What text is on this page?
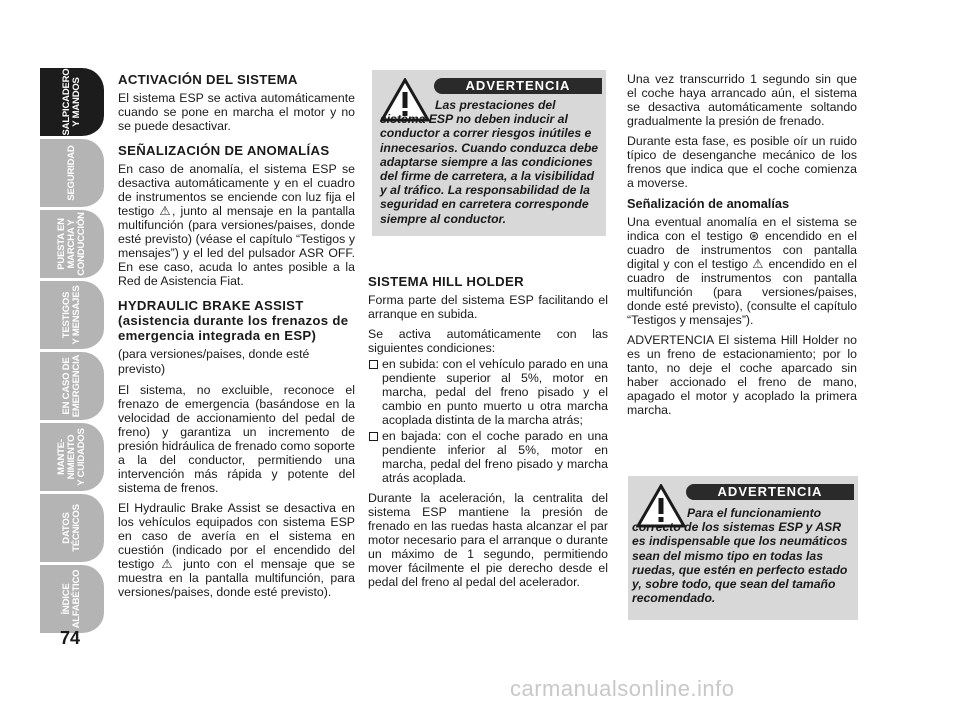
SALPICADERO
Y MANDOS
SEGURIDAD
PUESTA EN
MARCHA Y
CONDUCCIÓN
TESTIGOS
Y MENSAJES
EN CASO DE
EMERGENCIA
MANTE-
NIMIENTO
Y CUIDADOS
DATOS
TÉCNICOS
ÍNDICE
ALFABÉTICO
74
ACTIVACIÓN DEL SISTEMA

El sistema ESP se activa automáticamente cuando se pone en marcha el motor y no se puede desactivar.

SEÑALIZACIÓN DE ANOMALÍAS

En caso de anomalía, el sistema ESP se desactiva automáticamente y en el cuadro de instrumentos se enciende con luz fija el testigo ⚠, junto al mensaje en la pantalla multifunción (para versiones/paises, donde esté previsto) (véase el capítulo “Testigos y mensajes”) y el led del pulsador ASR OFF. En ese caso, acuda lo antes posible a la Red de Asistencia Fiat.

HYDRAULIC BRAKE ASSIST (asistencia durante los frenazos de emergencia integrada en ESP)
(para versiones/paises, donde esté previsto)

El sistema, no excluible, reconoce el frenazo de emergencia (basándose en la velocidad de accionamiento del pedal de freno) y garantiza un incremento de presión hidráulica de frenado como soporte a la del conductor, permitiendo una intervención más rápida y potente del sistema de frenos.

El Hydraulic Brake Assist se desactiva en los vehículos equipados con sistema ESP en caso de avería en el sistema en cuestión (indicado por el encendido del testigo ⚠ junto con el mensaje que se muestra en la pantalla multifunción, para versiones/paises, donde esté previsto).

ADVERTENCIA
Las prestaciones del sistema ESP no deben inducir al conductor a correr riesgos inútiles e innecesarios. Cuando conduzca debe adaptarse siempre a las condiciones del firme de carretera, a la visibilidad y al tráfico. La responsabilidad de la seguridad en carretera corresponde siempre al conductor.
SISTEMA HILL HOLDER

Forma parte del sistema ESP facilitando el arranque en subida.

Se activa automáticamente con las siguientes condiciones:

en subida: con el vehículo parado en una pendiente superior al 5%, motor en marcha, pedal del freno pisado y el cambio en punto muerto u otra marcha acoplada distinta de la marcha atrás;

en bajada: con el coche parado en una pendiente inferior al 5%, motor en marcha, pedal del freno pisado y marcha atrás acoplada.

Durante la aceleración, la centralita del sistema ESP mantiene la presión de frenado en las ruedas hasta alcanzar el par motor necesario para el arranque o durante un máximo de 1 segundo, permitiendo mover fácilmente el pie derecho desde el pedal del freno al pedal del acelerador.

Una vez transcurrido 1 segundo sin que el coche haya arrancado aún, el sistema se desactiva automáticamente soltando gradualmente la presión de frenado.

Durante esta fase, es posible oír un ruido típico de desenganche mecánico de los frenos que indica que el coche comienza a moverse.

Señalización de anomalías

Una eventual anomalía en el sistema se indica con el testigo ⊛ encendido en el cuadro de instrumentos con pantalla digital y con el testigo ⚠ encendido en el cuadro de instrumentos con pantalla multifunción (para versiones/paises, donde esté previsto), (consulte el capítulo “Testigos y mensajes”).

ADVERTENCIA El sistema Hill Holder no es un freno de estacionamiento; por lo tanto, no deje el coche aparcado sin haber accionado el freno de mano, apagado el motor y acoplado la primera marcha.

ADVERTENCIA
Para el funcionamiento correcto de los sistemas ESP y ASR es indispensable que los neumáticos sean del mismo tipo en todas las ruedas, que estén en perfecto estado y, sobre todo, que sean del tamaño recomendado.
carmanualsonline.info
